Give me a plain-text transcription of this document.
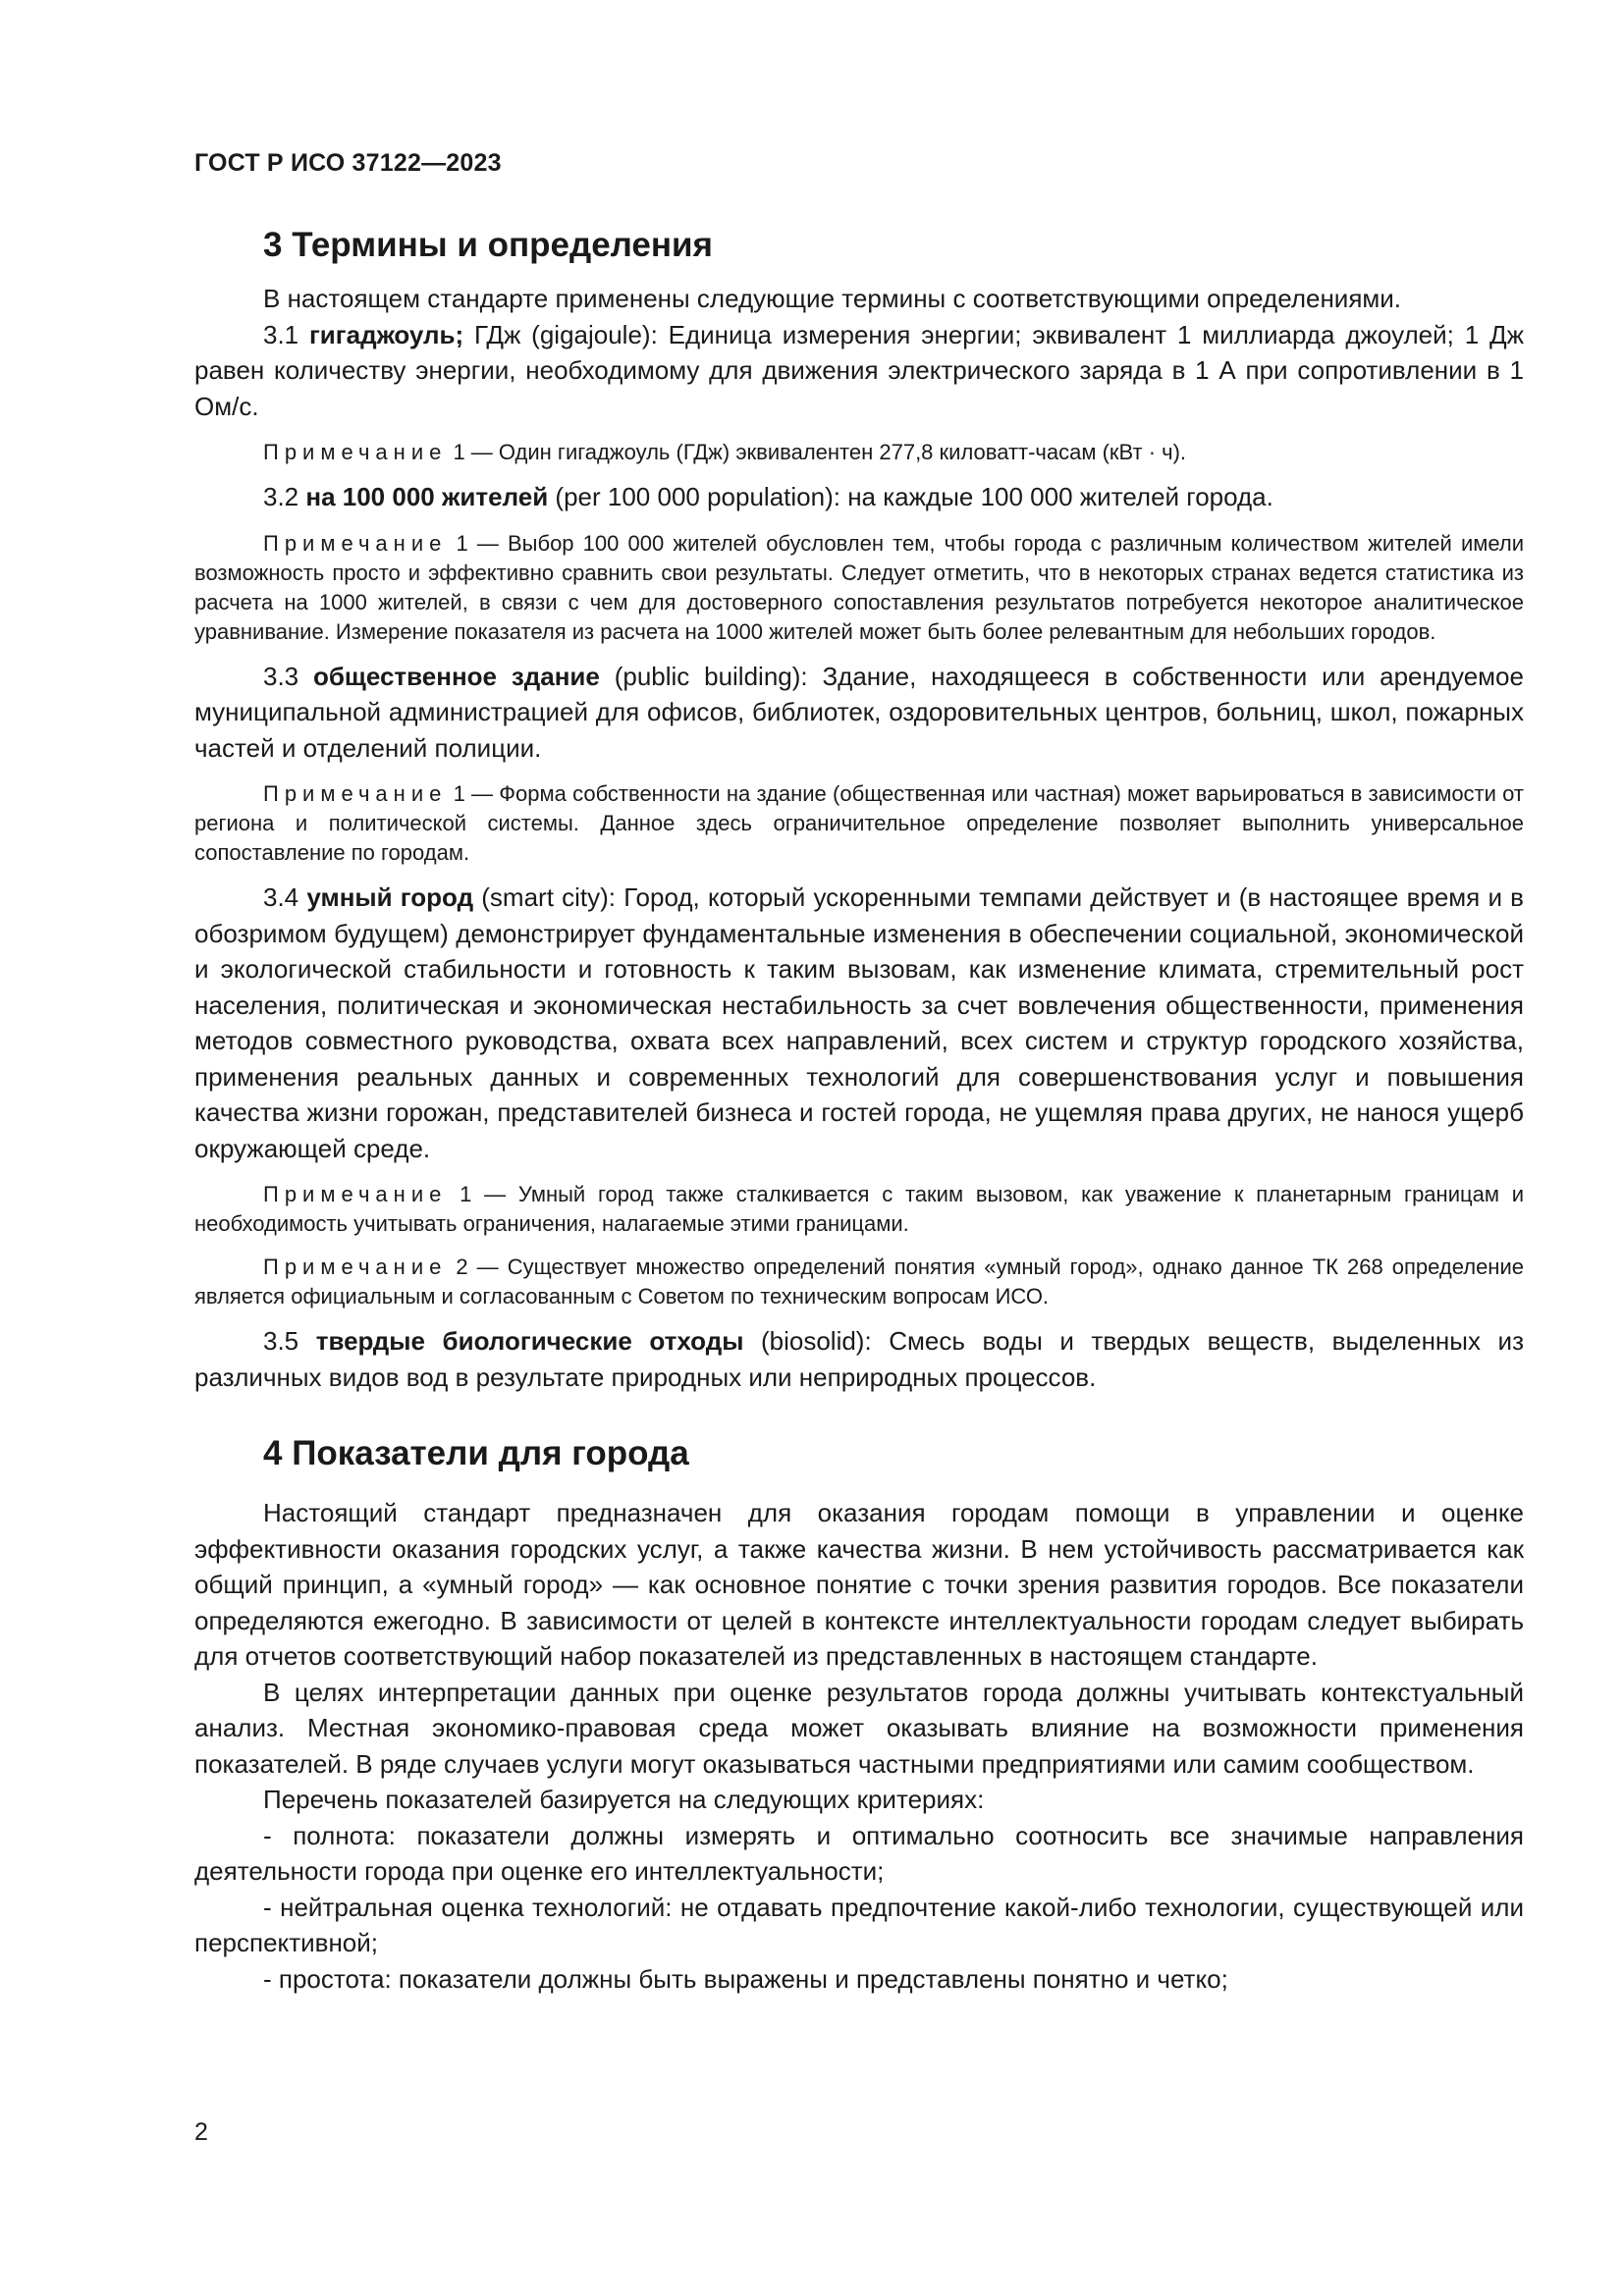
ГОСТ Р ИСО 37122—2023
3 Термины и определения

В настоящем стандарте применены следующие термины с соответствующими определениями.

3.1 гигаджоуль; ГДж (gigajoule): Единица измерения энергии; эквивалент 1 миллиарда джоулей; 1 Дж равен количеству энергии, необходимому для движения электрического заряда в 1 А при сопротивлении в 1 Ом/с.

Примечание 1 — Один гигаджоуль (ГДж) эквивалентен 277,8 киловатт-часам (кВт · ч).

3.2 на 100 000 жителей (per 100 000 population): на каждые 100 000 жителей города.

Примечание 1 — Выбор 100 000 жителей обусловлен тем, чтобы города с различным количеством жителей имели возможность просто и эффективно сравнить свои результаты. Следует отметить, что в некоторых странах ведется статистика из расчета на 1000 жителей, в связи с чем для достоверного сопоставления результатов потребуется некоторое аналитическое уравнивание. Измерение показателя из расчета на 1000 жителей может быть более релевантным для небольших городов.

3.3 общественное здание (public building): Здание, находящееся в собственности или арендуемое муниципальной администрацией для офисов, библиотек, оздоровительных центров, больниц, школ, пожарных частей и отделений полиции.

Примечание 1 — Форма собственности на здание (общественная или частная) может варьироваться в зависимости от региона и политической системы. Данное здесь ограничительное определение позволяет выполнить универсальное сопоставление по городам.

3.4 умный город (smart city): Город, который ускоренными темпами действует и (в настоящее время и в обозримом будущем) демонстрирует фундаментальные изменения в обеспечении социальной, экономической и экологической стабильности и готовность к таким вызовам, как изменение климата, стремительный рост населения, политическая и экономическая нестабильность за счет вовлечения общественности, применения методов совместного руководства, охвата всех направлений, всех систем и структур городского хозяйства, применения реальных данных и современных технологий для совершенствования услуг и повышения качества жизни горожан, представителей бизнеса и гостей города, не ущемляя права других, не нанося ущерб окружающей среде.

Примечание 1 — Умный город также сталкивается с таким вызовом, как уважение к планетарным границам и необходимость учитывать ограничения, налагаемые этими границами.

Примечание 2 — Существует множество определений понятия «умный город», однако данное ТК 268 определение является официальным и согласованным с Советом по техническим вопросам ИСО.

3.5 твердые биологические отходы (biosolid): Смесь воды и твердых веществ, выделенных из различных видов вод в результате природных или неприродных процессов.

4 Показатели для города

Настоящий стандарт предназначен для оказания городам помощи в управлении и оценке эффективности оказания городских услуг, а также качества жизни. В нем устойчивость рассматривается как общий принцип, а «умный город» — как основное понятие с точки зрения развития городов. Все показатели определяются ежегодно. В зависимости от целей в контексте интеллектуальности городам следует выбирать для отчетов соответствующий набор показателей из представленных в настоящем стандарте.

В целях интерпретации данных при оценке результатов города должны учитывать контекстуальный анализ. Местная экономико-правовая среда может оказывать влияние на возможности применения показателей. В ряде случаев услуги могут оказываться частными предприятиями или самим сообществом.

Перечень показателей базируется на следующих критериях:

- полнота: показатели должны измерять и оптимально соотносить все значимые направления деятельности города при оценке его интеллектуальности;

- нейтральная оценка технологий: не отдавать предпочтение какой-либо технологии, существующей или перспективной;

- простота: показатели должны быть выражены и представлены понятно и четко;

2
